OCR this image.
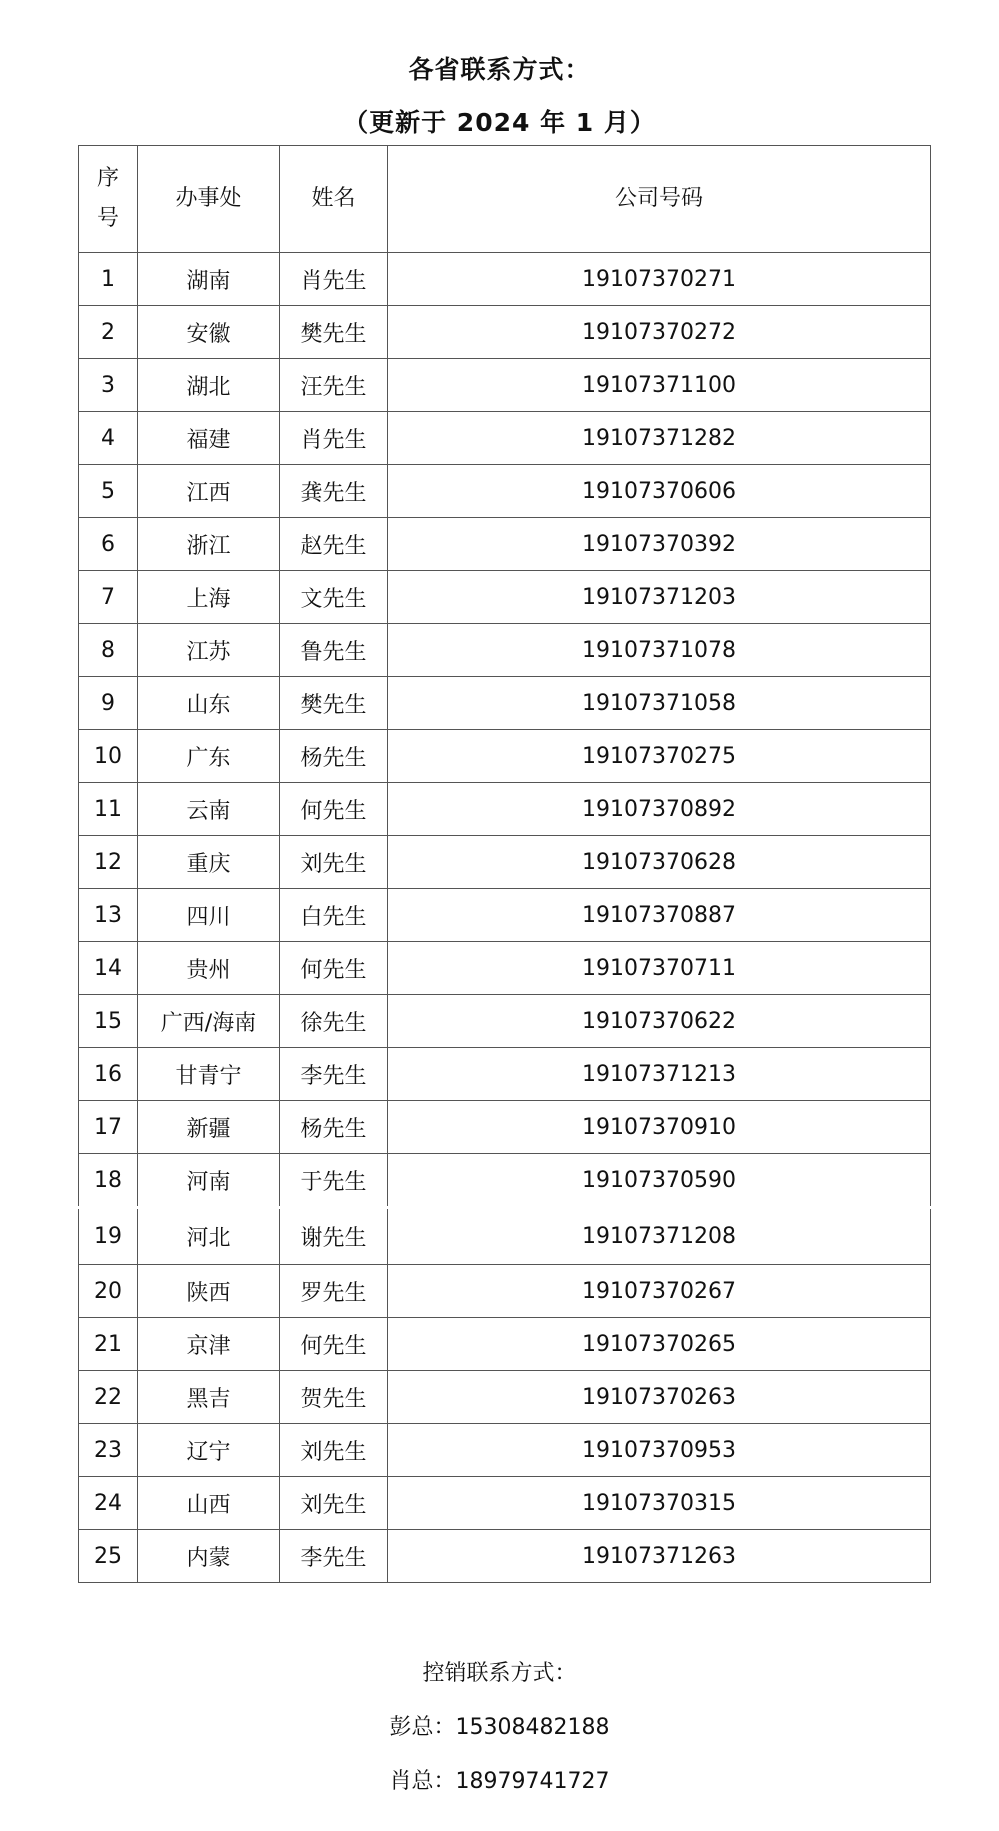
各省联系方式：
（更新于 2024 年 1 月）
序
号	办事处	姓名	公司号码
1	湖南	肖先生	19107370271
2	安徽	樊先生	19107370272
3	湖北	汪先生	19107371100
4	福建	肖先生	19107371282
5	江西	龚先生	19107370606
6	浙江	赵先生	19107370392
7	上海	文先生	19107371203
8	江苏	鲁先生	19107371078
9	山东	樊先生	19107371058
10	广东	杨先生	19107370275
11	云南	何先生	19107370892
12	重庆	刘先生	19107370628
13	四川	白先生	19107370887
14	贵州	何先生	19107370711
15	广西/海南	徐先生	19107370622
16	甘青宁	李先生	19107371213
17	新疆	杨先生	19107370910
18	河南	于先生	19107370590
19	河北	谢先生	19107371208
20	陕西	罗先生	19107370267
21	京津	何先生	19107370265
22	黑吉	贺先生	19107370263
23	辽宁	刘先生	19107370953
24	山西	刘先生	19107370315
25	内蒙	李先生	19107371263
控销联系方式：
彭总：15308482188
肖总：18979741727
